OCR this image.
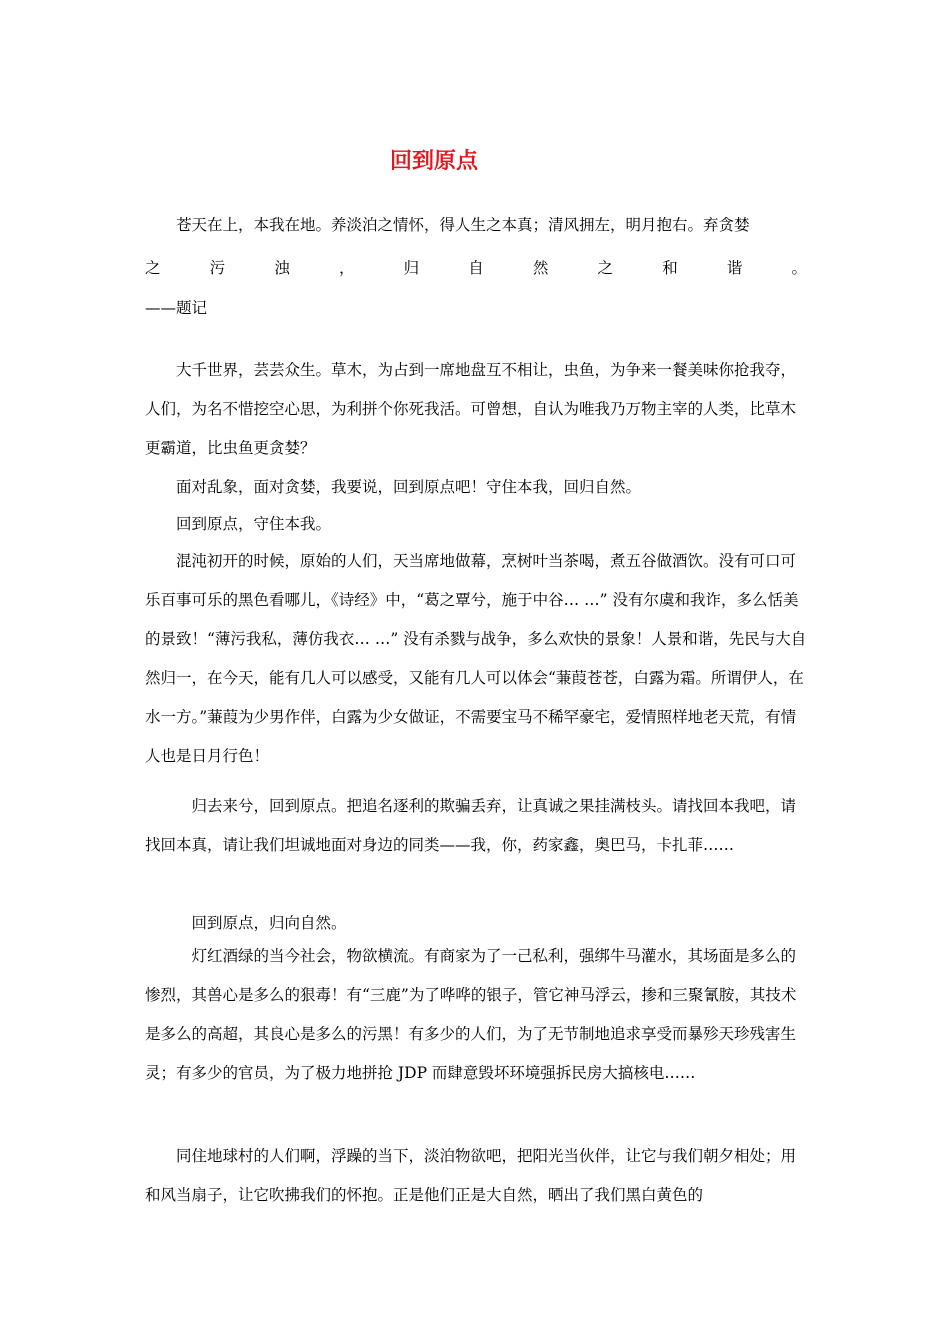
回到原点

苍天在上，本我在地。养淡泊之情怀，得人生之本真；清风拥左，明月抱右。弃贪婪

之污浊，归自然之和谐。

——题记

大千世界，芸芸众生。草木，为占到一席地盘互不相让，虫鱼，为争来一餐美味你抢我夺，人们，为名不惜挖空心思，为利拼个你死我活。可曾想，自认为唯我乃万物主宰的人类，比草木更霸道，比虫鱼更贪婪？

面对乱象，面对贪婪，我要说，回到原点吧！守住本我，回归自然。

回到原点，守住本我。

混沌初开的时候，原始的人们，天当席地做幕，烹树叶当茶喝，煮五谷做酒饮。没有可口可乐百事可乐的黑色看哪儿，《诗经》中，“葛之覃兮，施于中谷… …” 没有尔虞和我诈，多么恬美的景致！“薄污我私，薄仿我衣… …” 没有杀戮与战争，多么欢快的景象！人景和谐，先民与大自然归一，在今天，能有几人可以感受，又能有几人可以体会“蒹葭苍苍，白露为霜。所谓伊人，在水一方。”蒹葭为少男作伴，白露为少女做证，不需要宝马不稀罕豪宅，爱情照样地老天荒，有情人也是日月行色！

归去来兮，回到原点。把追名逐利的欺骗丢弃，让真诚之果挂满枝头。请找回本我吧，请找回本真，请让我们坦诚地面对身边的同类——我，你，药家鑫，奥巴马，卡扎菲……

回到原点，归向自然。

灯红酒绿的当今社会，物欲横流。有商家为了一己私利，强绑牛马灌水，其场面是多么的惨烈，其兽心是多么的狠毒！有“三鹿”为了哗哗的银子，管它神马浮云，掺和三聚氰胺，其技术是多么的高超，其良心是多么的污黑！有多少的人们，为了无节制地追求享受而暴殄天珍残害生灵；有多少的官员，为了极力地拼抢 JDP 而肆意毁坏环境强拆民房大搞核电……

同住地球村的人们啊，浮躁的当下，淡泊物欲吧，把阳光当伙伴，让它与我们朝夕相处；用和风当扇子，让它吹拂我们的怀抱。正是他们正是大自然，晒出了我们黑白黄色的
